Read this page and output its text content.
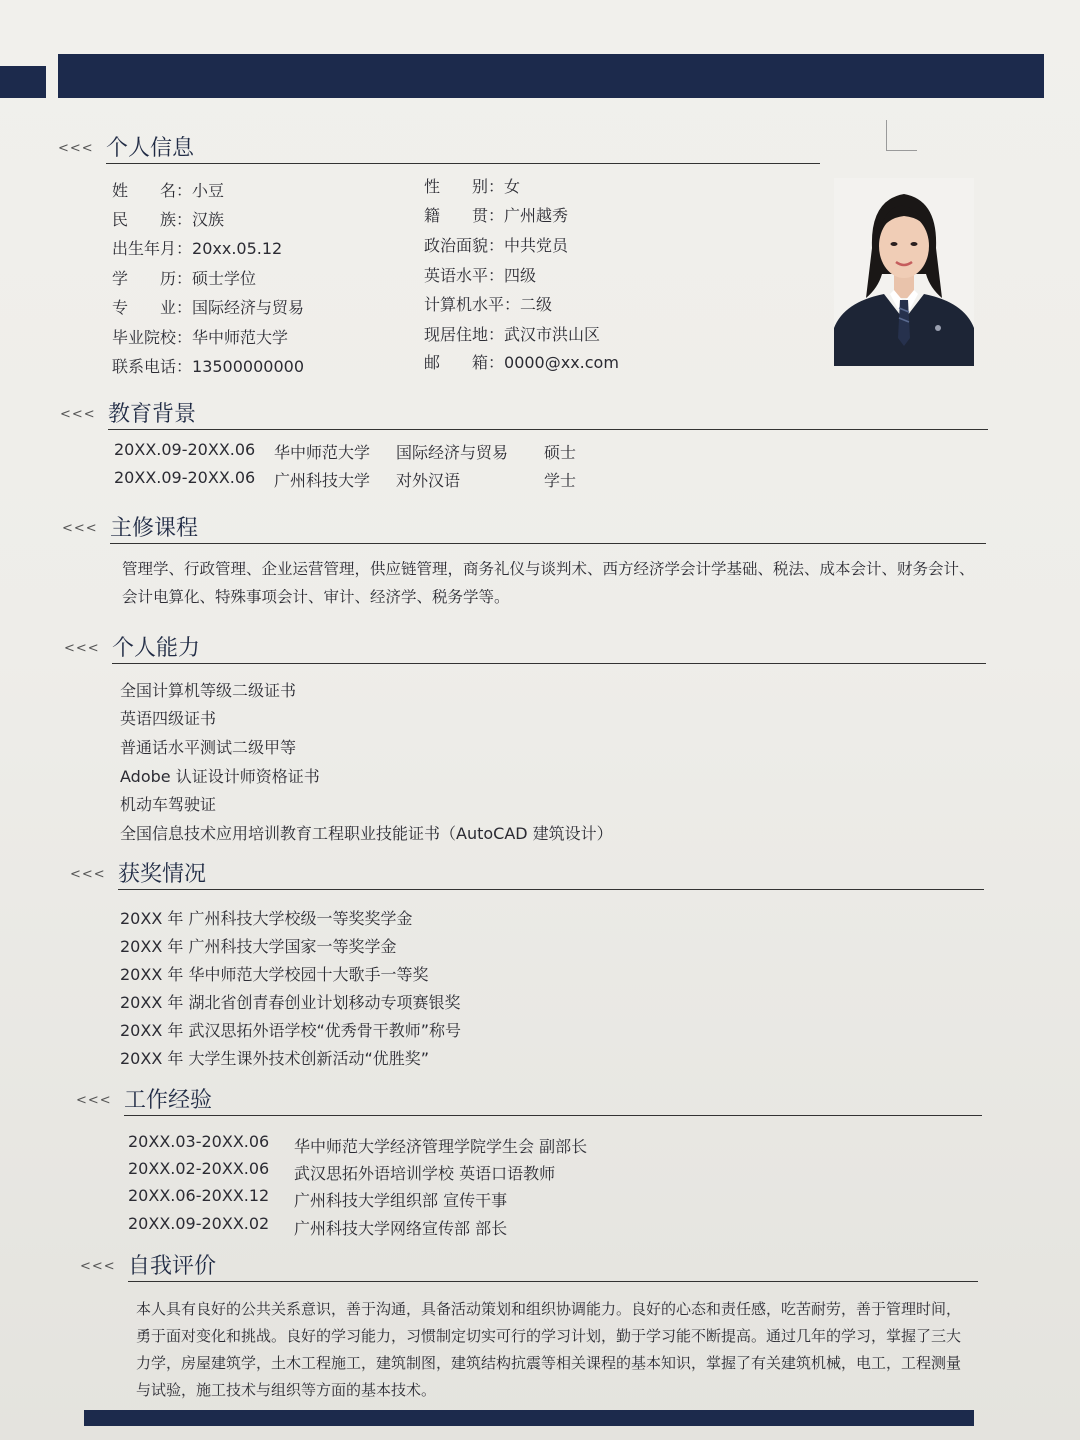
<<< 个人信息
姓　　名：小豆
民　　族：汉族
出生年月：20xx.05.12
学　　历：硕士学位
专　　业：国际经济与贸易
毕业院校：华中师范大学
联系电话：13500000000
性　　别：女
籍　　贯：广州越秀
政治面貌：中共党员
英语水平：四级
计算机水平：二级
现居住地：武汉市洪山区
邮　　箱：0000@xx.com
<<< 教育背景
20XX.09-20XX.06 华中师范大学 国际经济与贸易 硕士
20XX.09-20XX.06 广州科技大学 对外汉语	学士
<<< 主修课程
管理学、行政管理、企业运营管理，供应链管理，商务礼仪与谈判术、西方经济学会计学基础、税法、成本会计、财务会计、会计电算化、特殊事项会计、审计、经济学、税务学等。
<<< 个人能力
全国计算机等级二级证书
英语四级证书
普通话水平测试二级甲等
Adobe 认证设计师资格证书
机动车驾驶证
全国信息技术应用培训教育工程职业技能证书（AutoCAD 建筑设计）
<<< 获奖情况
20XX 年 广州科技大学校级一等奖奖学金
20XX 年 广州科技大学国家一等奖学金
20XX 年 华中师范大学校园十大歌手一等奖
20XX 年 湖北省创青春创业计划移动专项赛银奖
20XX 年 武汉思拓外语学校“优秀骨干教师”称号
20XX 年 大学生课外技术创新活动“优胜奖”
<<< 工作经验
20XX.03-20XX.06 华中师范大学经济管理学院学生会 副部长
20XX.02-20XX.06 武汉思拓外语培训学校 英语口语教师
20XX.06-20XX.12 广州科技大学组织部 宣传干事
20XX.09-20XX.02 广州科技大学网络宣传部 部长
<<< 自我评价
本人具有良好的公共关系意识，善于沟通，具备活动策划和组织协调能力。良好的心态和责任感，吃苦耐劳，善于管理时间，勇于面对变化和挑战。良好的学习能力，习惯制定切实可行的学习计划，勤于学习能不断提高。通过几年的学习，掌握了三大力学，房屋建筑学，土木工程施工，建筑制图，建筑结构抗震等相关课程的基本知识，掌握了有关建筑机械，电工，工程测量与试验，施工技术与组织等方面的基本技术。
